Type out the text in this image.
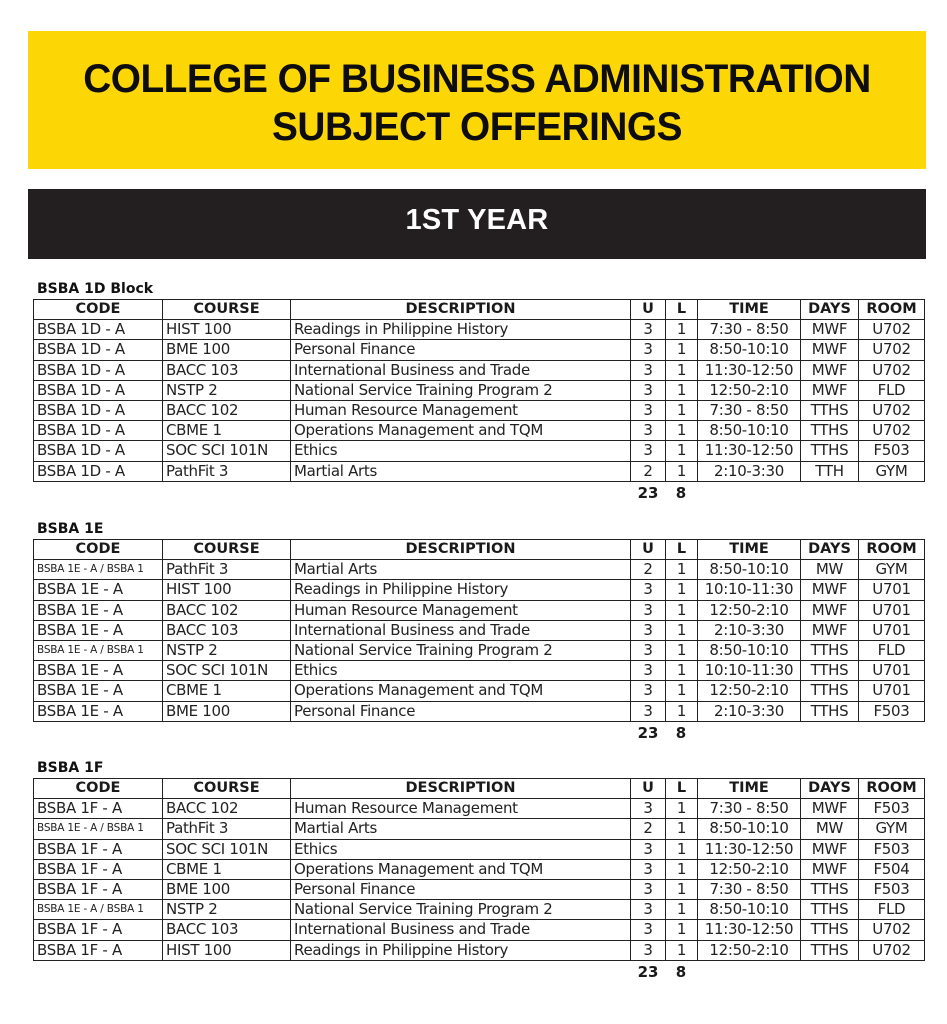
COLLEGE OF BUSINESS ADMINISTRATION
SUBJECT OFFERINGS
1ST YEAR
BSBA 1D Block
CODE	COURSE	DESCRIPTION	U	L	TIME	DAYS	ROOM
BSBA 1D - A	HIST 100	Readings in Philippine History	3	1	7:30 - 8:50	MWF	U702
BSBA 1D - A	BME 100	Personal Finance	3	1	8:50-10:10	MWF	U702
BSBA 1D - A	BACC 103	International Business and Trade	3	1	11:30-12:50	MWF	U702
BSBA 1D - A	NSTP 2	National Service Training Program 2	3	1	12:50-2:10	MWF	FLD
BSBA 1D - A	BACC 102	Human Resource Management	3	1	7:30 - 8:50	TTHS	U702
BSBA 1D - A	CBME 1	Operations Management and TQM	3	1	8:50-10:10	TTHS	U702
BSBA 1D - A	SOC SCI 101N	Ethics	3	1	11:30-12:50	TTHS	F503
BSBA 1D - A	PathFit 3	Martial Arts	2	1	2:10-3:30	TTH	GYM
23	8
BSBA 1E
CODE	COURSE	DESCRIPTION	U	L	TIME	DAYS	ROOM
BSBA 1E - A / BSBA 1	PathFit 3	Martial Arts	2	1	8:50-10:10	MW	GYM
BSBA 1E - A	HIST 100	Readings in Philippine History	3	1	10:10-11:30	MWF	U701
BSBA 1E - A	BACC 102	Human Resource Management	3	1	12:50-2:10	MWF	U701
BSBA 1E - A	BACC 103	International Business and Trade	3	1	2:10-3:30	MWF	U701
BSBA 1E - A / BSBA 1	NSTP 2	National Service Training Program 2	3	1	8:50-10:10	TTHS	FLD
BSBA 1E - A	SOC SCI 101N	Ethics	3	1	10:10-11:30	TTHS	U701
BSBA 1E - A	CBME 1	Operations Management and TQM	3	1	12:50-2:10	TTHS	U701
BSBA 1E - A	BME 100	Personal Finance	3	1	2:10-3:30	TTHS	F503
23	8
BSBA 1F
CODE	COURSE	DESCRIPTION	U	L	TIME	DAYS	ROOM
BSBA 1F - A	BACC 102	Human Resource Management	3	1	7:30 - 8:50	MWF	F503
BSBA 1E - A / BSBA 1	PathFit 3	Martial Arts	2	1	8:50-10:10	MW	GYM
BSBA 1F - A	SOC SCI 101N	Ethics	3	1	11:30-12:50	MWF	F503
BSBA 1F - A	CBME 1	Operations Management and TQM	3	1	12:50-2:10	MWF	F504
BSBA 1F - A	BME 100	Personal Finance	3	1	7:30 - 8:50	TTHS	F503
BSBA 1E - A / BSBA 1	NSTP 2	National Service Training Program 2	3	1	8:50-10:10	TTHS	FLD
BSBA 1F - A	BACC 103	International Business and Trade	3	1	11:30-12:50	TTHS	U702
BSBA 1F - A	HIST 100	Readings in Philippine History	3	1	12:50-2:10	TTHS	U702
23	8
